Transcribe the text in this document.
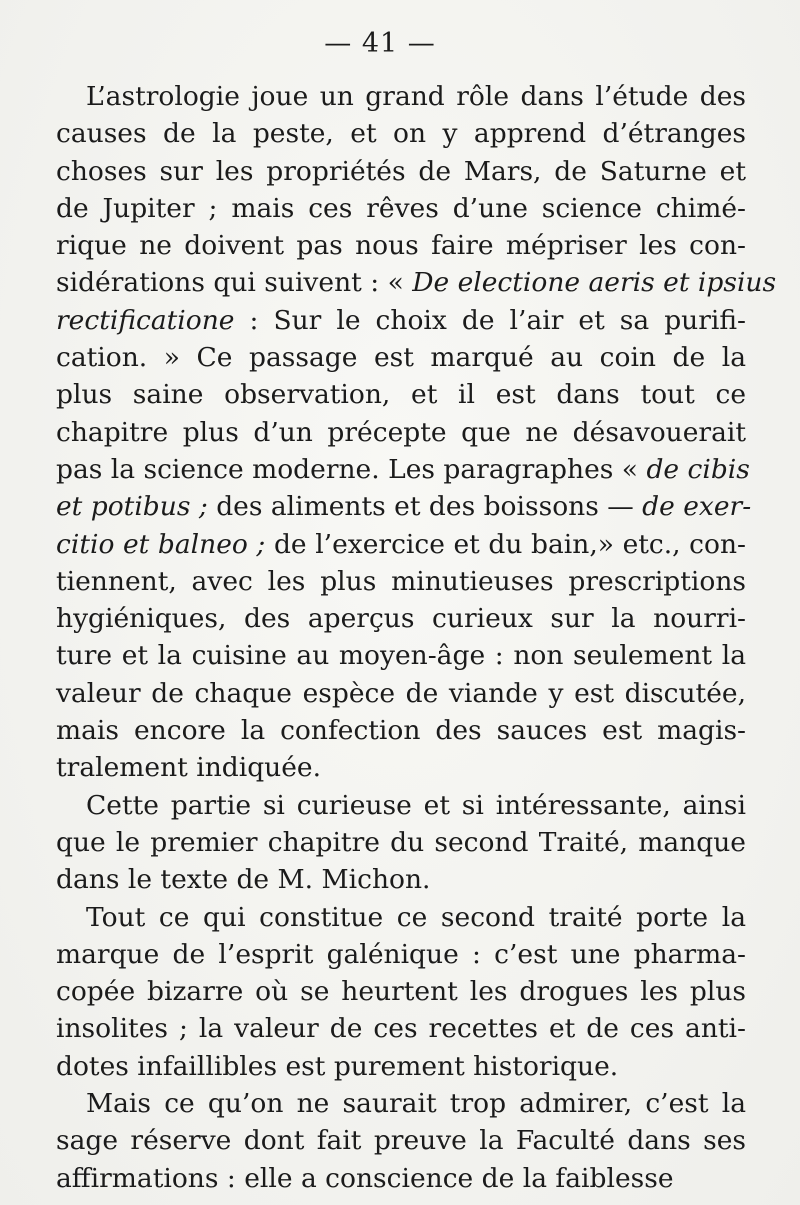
— 41 —
L’astrologie joue un grand rôle dans l’étude des
causes de la peste, et on y apprend d’étranges
choses sur les propriétés de Mars, de Saturne et
de Jupiter ; mais ces rêves d’une science chimé-
rique ne doivent pas nous faire mépriser les con-
sidérations qui suivent : « De electione aeris et ipsius
rectificatione : Sur le choix de l’air et sa purifi-
cation. » Ce passage est marqué au coin de la
plus saine observation, et il est dans tout ce
chapitre plus d’un précepte que ne désavouerait
pas la science moderne. Les paragraphes « de cibis
et potibus ; des aliments et des boissons — de exer-
citio et balneo ; de l’exercice et du bain,» etc., con-
tiennent, avec les plus minutieuses prescriptions
hygiéniques, des aperçus curieux sur la nourri-
ture et la cuisine au moyen-âge : non seulement la
valeur de chaque espèce de viande y est discutée,
mais encore la confection des sauces est magis-
tralement indiquée.
Cette partie si curieuse et si intéressante, ainsi
que le premier chapitre du second Traité, manque
dans le texte de M. Michon.
Tout ce qui constitue ce second traité porte la
marque de l’esprit galénique : c’est une pharma-
copée bizarre où se heurtent les drogues les plus
insolites ; la valeur de ces recettes et de ces anti-
dotes infaillibles est purement historique.
Mais ce qu’on ne saurait trop admirer, c’est la
sage réserve dont fait preuve la Faculté dans ses
affirmations : elle a conscience de la faiblesse
